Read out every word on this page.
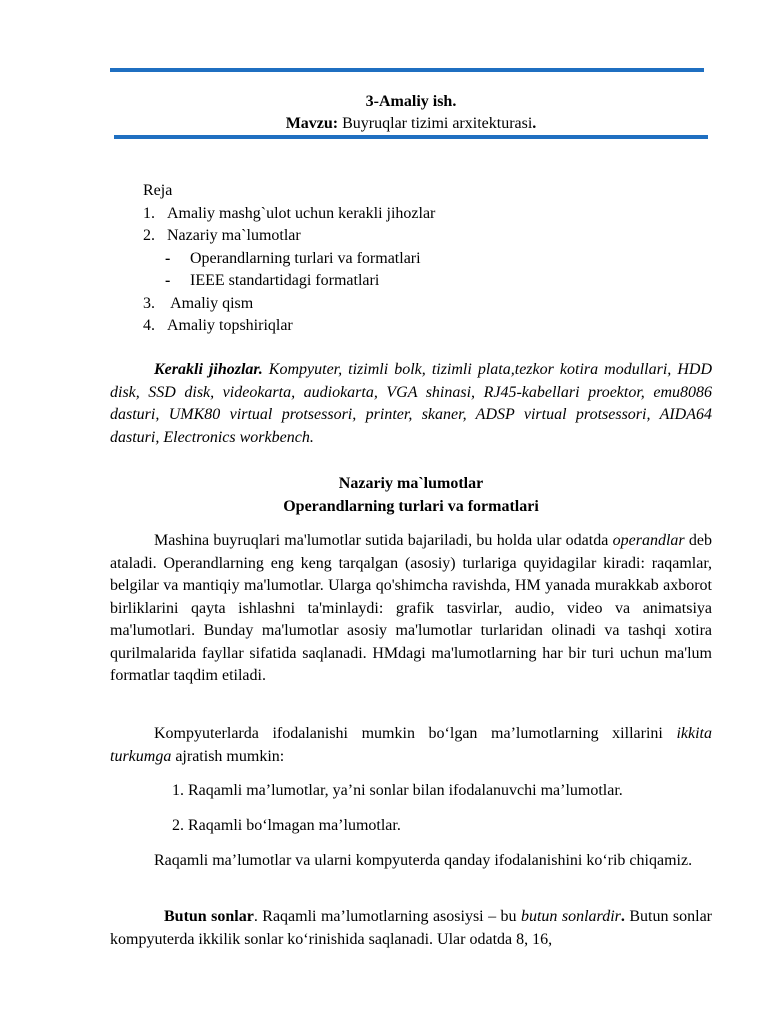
3-Amaliy ish.
Mavzu: Buyruqlar tizimi arxitekturasi.
Reja
1. Amaliy mashg`ulot uchun kerakli jihozlar
2. Nazariy ma`lumotlar
- Operandlarning turlari va formatlari
- IEEE standartidagi formatlari
3. Amaliy qism
4. Amaliy topshiriqlar

Kerakli jihozlar. Kompyuter, tizimli bolk, tizimli plata,tezkor kotira modullari, HDD disk, SSD disk, videokarta, audiokarta, VGA shinasi, RJ45-kabellari proektor, emu8086 dasturi, UMK80 virtual protsessori, printer, skaner, ADSP virtual protsessori, AIDA64 dasturi, Electronics workbench.

Nazariy ma`lumotlar
Operandlarning turlari va formatlari

Mashina buyruqlari ma'lumotlar sutida bajariladi, bu holda ular odatda operandlar deb ataladi. Operandlarning eng keng tarqalgan (asosiy) turlariga quyidagilar kiradi: raqamlar, belgilar va mantiqiy ma'lumotlar. Ularga qo'shimcha ravishda, HM yanada murakkab axborot birliklarini qayta ishlashni ta'minlaydi: grafik tasvirlar, audio, video va animatsiya ma'lumotlari. Bunday ma'lumotlar asosiy ma'lumotlar turlaridan olinadi va tashqi xotira qurilmalarida fayllar sifatida saqlanadi. HMdagi ma'lumotlarning har bir turi uchun ma'lum formatlar taqdim etiladi.

Kompyuterlarda ifodalanishi mumkin bo‘lgan ma’lumotlarning xillarini ikkita turkumga ajratish mumkin:

1. Raqamli ma’lumotlar, ya’ni sonlar bilan ifodalanuvchi ma’lumotlar.
2. Raqamli bo‘lmagan ma’lumotlar.

Raqamli ma’lumotlar va ularni kompyuterda qanday ifodalanishini ko‘rib chiqamiz.

Butun sonlar. Raqamli ma’lumotlarning asosiysi – bu butun sonlardir. Butun sonlar kompyuterda ikkilik sonlar ko‘rinishida saqlanadi. Ular odatda 8, 16,
